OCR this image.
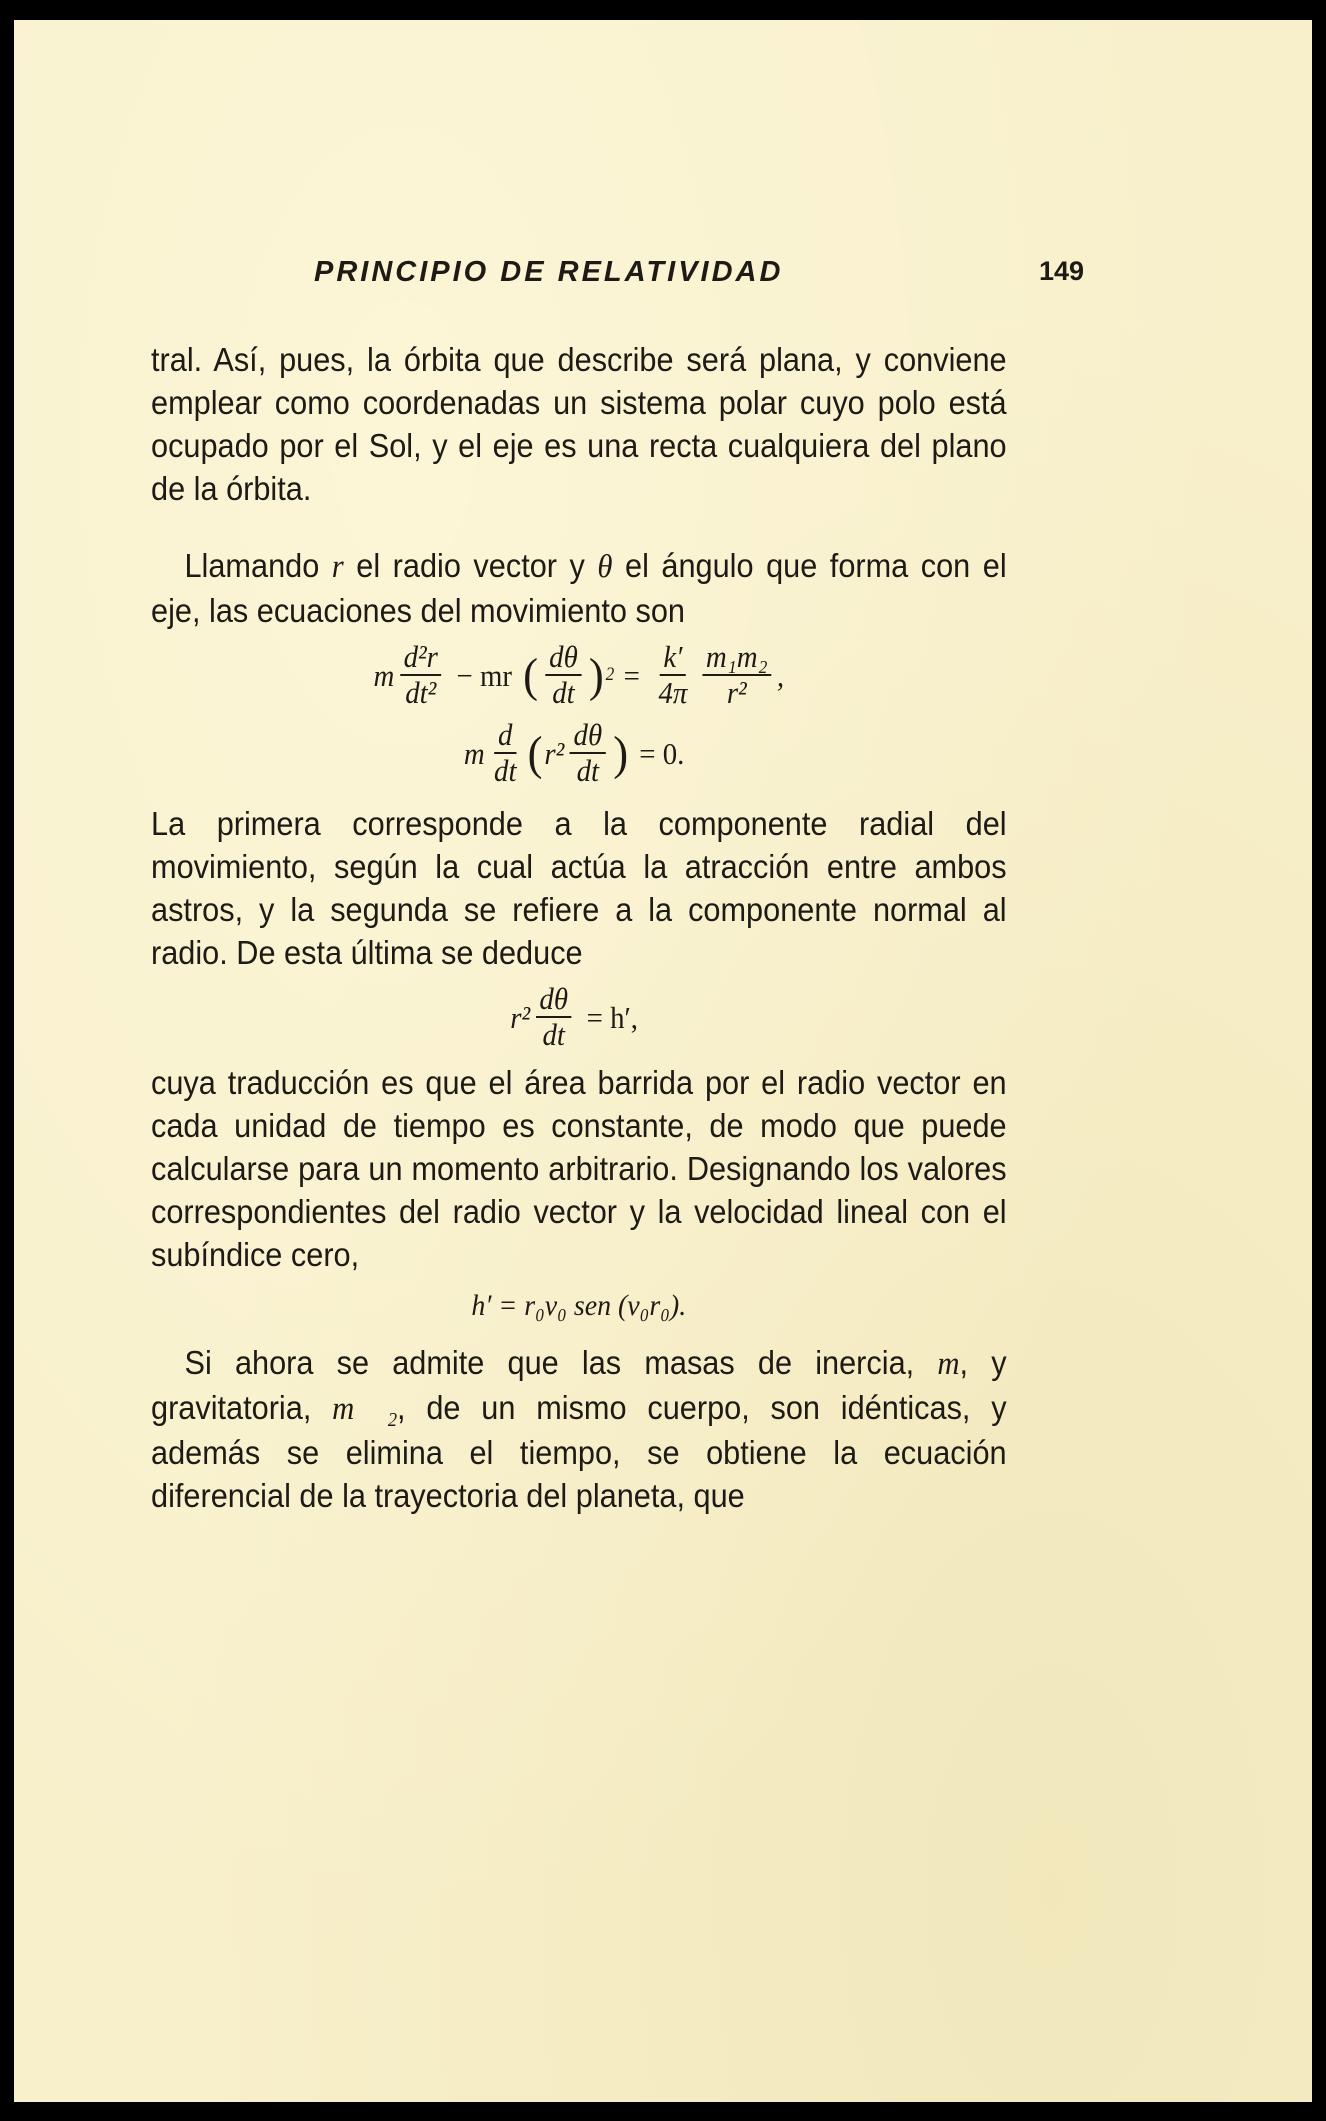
PRINCIPIO DE RELATIVIDAD	149

tral. Así, pues, la órbita que describe será plana, y conviene emplear como coordenadas un sistema polar cuyo polo está ocupado por el Sol, y el eje es una recta cualquiera del plano de la órbita.

Llamando r el radio vector y θ el ángulo que forma con el eje, las ecuaciones del movimiento son

m $\frac{\text{d²r}}{\text{dt²}}$ − mr ( $\frac{d\theta}{dt}$ ) $2 = \frac{k'}{4\pi} \frac{\text{m₁m₂}}{\text{r²}}$ ,
m $\frac{d}{dt}$ ( $r^2 \frac{d\theta}{dt}$ ) = 0.

La primera corresponde a la componente radial del movimiento, según la cual actúa la atracción entre ambos astros, y la segunda se refiere a la componente normal al radio. De esta última se deduce

$r^2 \frac{d\theta}{dt} = h'$,

cuya traducción es que el área barrida por el radio vector en cada unidad de tiempo es constante, de modo que puede calcularse para un momento arbitrario. Designando los valores correspondientes del radio vector y la velocidad lineal con el subíndice cero,

h′ = r₀v₀ sen (v₀r₀).

Si ahora se admite que las masas de inercia, m, y gravitatoria, m 2, de un mismo cuerpo, son idénticas, y además se elimina el tiempo, se obtiene la ecuación diferencial de la trayectoria del planeta, que
